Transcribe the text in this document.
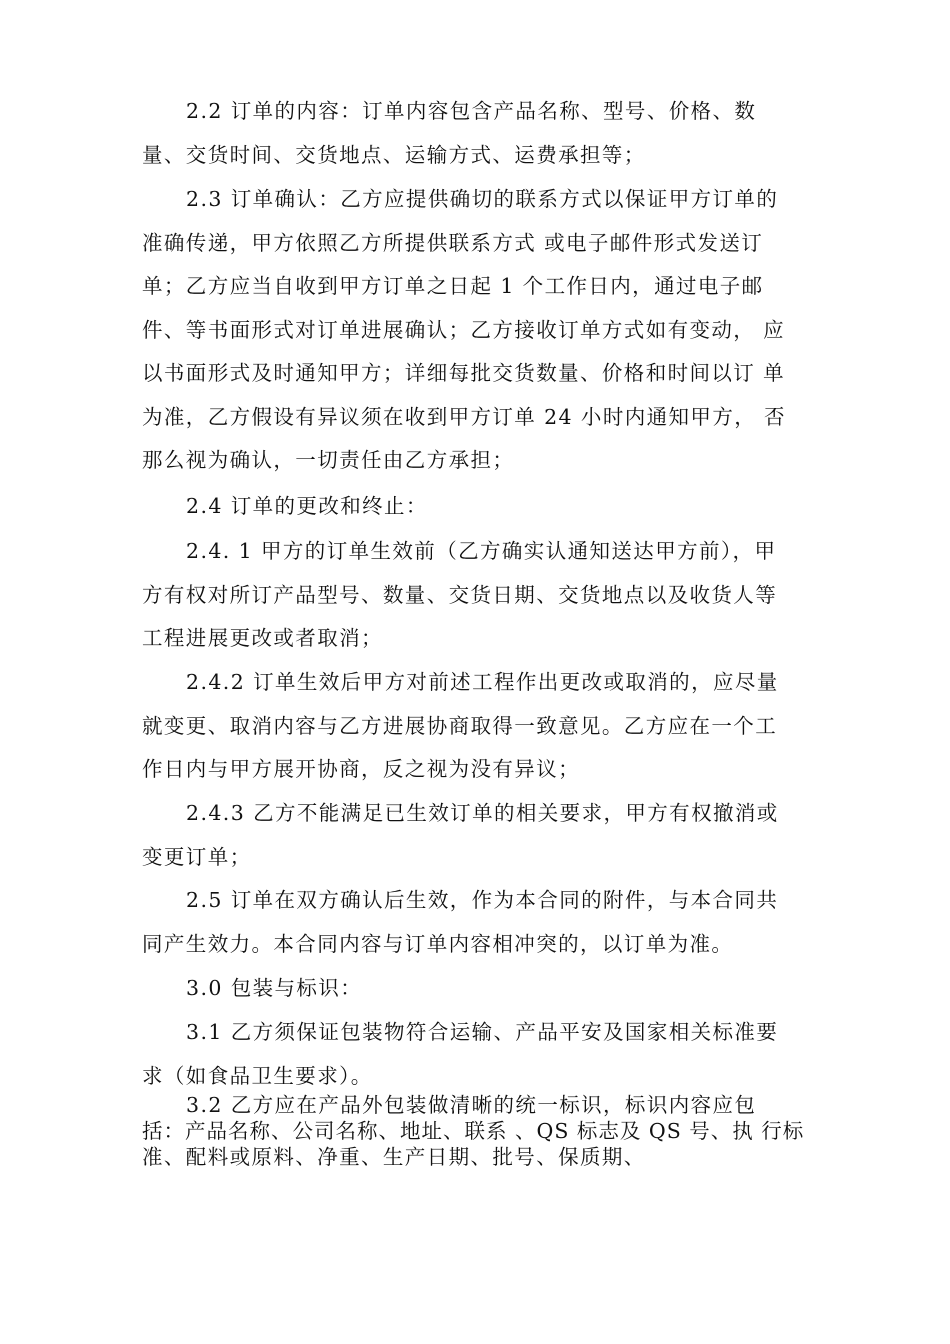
2.2 订单的内容：订单内容包含产品名称、型号、价格、数
量、交货时间、交货地点、运输方式、运费承担等；

2.3 订单确认：乙方应提供确切的联系方式以保证甲方订单的
准确传递，甲方依照乙方所提供联系方式 或电子邮件形式发送订
单；乙方应当自收到甲方订单之日起 1 个工作日内，通过电子邮
件、等书面形式对订单进展确认；乙方接收订单方式如有变动， 应
以书面形式及时通知甲方；详细每批交货数量、价格和时间以订 单
为准，乙方假设有异议须在收到甲方订单 24 小时内通知甲方， 否
那么视为确认，一切责任由乙方承担；

2.4 订单的更改和终止：

2.4. 1 甲方的订单生效前（乙方确实认通知送达甲方前），甲
方有权对所订产品型号、数量、交货日期、交货地点以及收货人等
工程进展更改或者取消；

2.4.2 订单生效后甲方对前述工程作出更改或取消的，应尽量
就变更、取消内容与乙方进展协商取得一致意见。乙方应在一个工
作日内与甲方展开协商，反之视为没有异议；

2.4.3 乙方不能满足已生效订单的相关要求，甲方有权撤消或
变更订单；

2.5 订单在双方确认后生效，作为本合同的附件，与本合同共
同产生效力。本合同内容与订单内容相冲突的，以订单为准。

3.0 包装与标识：

3.1 乙方须保证包装物符合运输、产品平安及国家相关标准要
求（如食品卫生要求）。

3.2 乙方应在产品外包装做清晰的统一标识，标识内容应包
括：产品名称、公司名称、地址、联系 、QS 标志及 QS 号、执 行标
准、配料或原料、净重、生产日期、批号、保质期、
